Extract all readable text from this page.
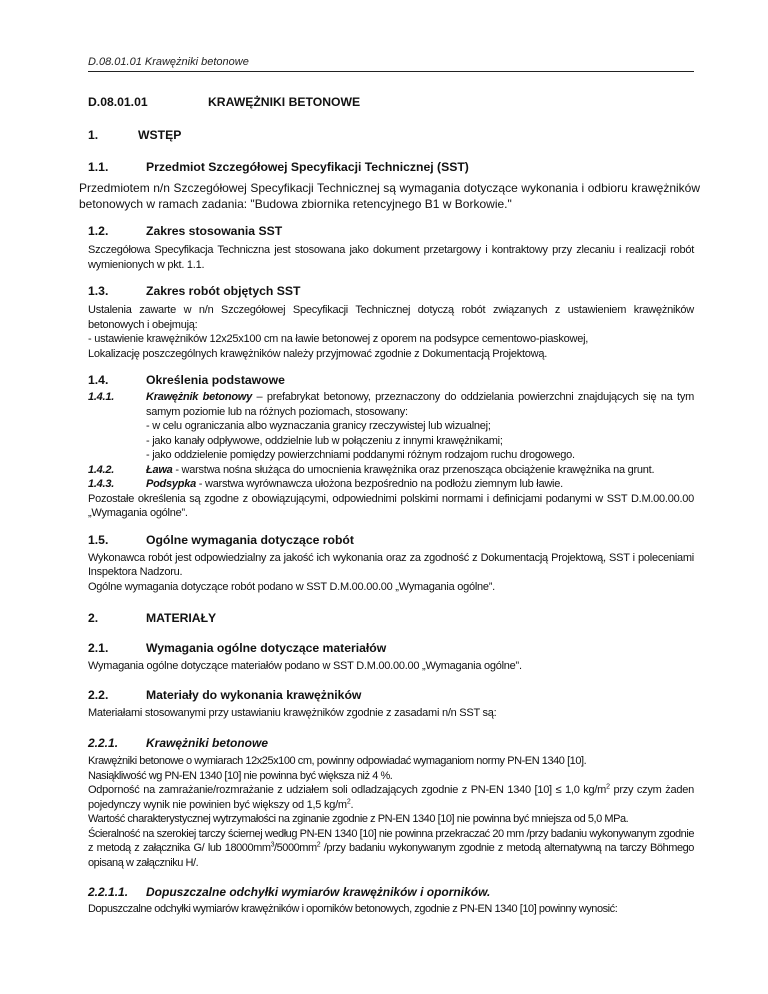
D.08.01.01 Krawężniki betonowe
D.08.01.01	KRAWĘŻNIKI BETONOWE
1.	WSTĘP
1.1.	Przedmiot Szczegółowej Specyfikacji Technicznej (SST)

Przedmiotem n/n Szczegółowej Specyfikacji Technicznej są wymagania dotyczące wykonania i odbioru krawężników betonowych w ramach zadania: "Budowa zbiornika retencyjnego B1 w Borkowie."

1.2.	Zakres stosowania SST

Szczegółowa Specyfikacja Techniczna jest stosowana jako dokument przetargowy i kontraktowy przy zlecaniu i realizacji robót wymienionych w pkt. 1.1.

1.3.	Zakres robót objętych SST

Ustalenia zawarte w n/n Szczegółowej Specyfikacji Technicznej dotyczą robót związanych z ustawieniem krawężników betonowych i obejmują:

- ustawienie krawężników 12x25x100 cm na ławie betonowej z oporem na podsypce cementowo-piaskowej,

Lokalizację poszczególnych krawężników należy przyjmować zgodnie z Dokumentacją Projektową.

1.4.	Określenia podstawowe
1.4.1.	Krawężnik betonowy – prefabrykat betonowy, przeznaczony do oddzielania powierzchni znajdujących się na tym samym poziomie lub na różnych poziomach, stosowany:
- w celu ograniczania albo wyznaczania granicy rzeczywistej lub wizualnej;
- jako kanały odpływowe, oddzielnie lub w połączeniu z innymi krawężnikami;
- jako oddzielenie pomiędzy powierzchniami poddanymi różnym rodzajom ruchu drogowego.
1.4.2.	Ława - warstwa nośna służąca do umocnienia krawężnika oraz przenosząca obciążenie krawężnika na grunt.
1.4.3.	Podsypka - warstwa wyrównawcza ułożona bezpośrednio na podłożu ziemnym lub ławie.

Pozostałe określenia są zgodne z obowiązującymi, odpowiednimi polskimi normami i definicjami podanymi w SST D.M.00.00.00 „Wymagania ogólne”.

1.5.	Ogólne wymagania dotyczące robót

Wykonawca robót jest odpowiedzialny za jakość ich wykonania oraz za zgodność z Dokumentacją Projektową, SST i poleceniami Inspektora Nadzoru.

Ogólne wymagania dotyczące robót podano w SST D.M.00.00.00 „Wymagania ogólne”.

2.	MATERIAŁY
2.1.	Wymagania ogólne dotyczące materiałów

Wymagania ogólne dotyczące materiałów podano w SST D.M.00.00.00 „Wymagania ogólne”.

2.2.	Materiały do wykonania krawężników

Materiałami stosowanymi przy ustawianiu krawężników zgodnie z zasadami n/n SST są:

2.2.1.	Krawężniki betonowe

Krawężniki betonowe o wymiarach 12x25x100 cm, powinny odpowiadać wymaganiom normy PN-EN 1340 [10].

Nasiąkliwość wg PN-EN 1340 [10] nie powinna być większa niż 4 %.

Odporność na zamrażanie/rozmrażanie z udziałem soli odladzających zgodnie z PN-EN 1340 [10] ≤ 1,0 $kg/m^2$ przy czym żaden pojedynczy wynik nie powinien być większy od 1,5 $kg/m^2$.

Wartość charakterystycznej wytrzymałości na zginanie zgodnie z PN-EN 1340 [10] nie powinna być mniejsza od 5,0 MPa.

Ścieralność na szerokiej tarczy ściernej według PN-EN 1340 [10] nie powinna przekraczać 20 mm /przy badaniu wykonywanym zgodnie z metodą z załącznika G/ lub $18000mm^3/5000mm^2$ /przy badaniu wykonywanym zgodnie z metodą alternatywną na tarczy Böhmego opisaną w załączniku H/.

2.2.1.1.	Dopuszczalne odchyłki wymiarów krawężników i oporników.

Dopuszczalne odchyłki wymiarów krawężników i oporników betonowych, zgodnie z PN-EN 1340 [10] powinny wynosić:
